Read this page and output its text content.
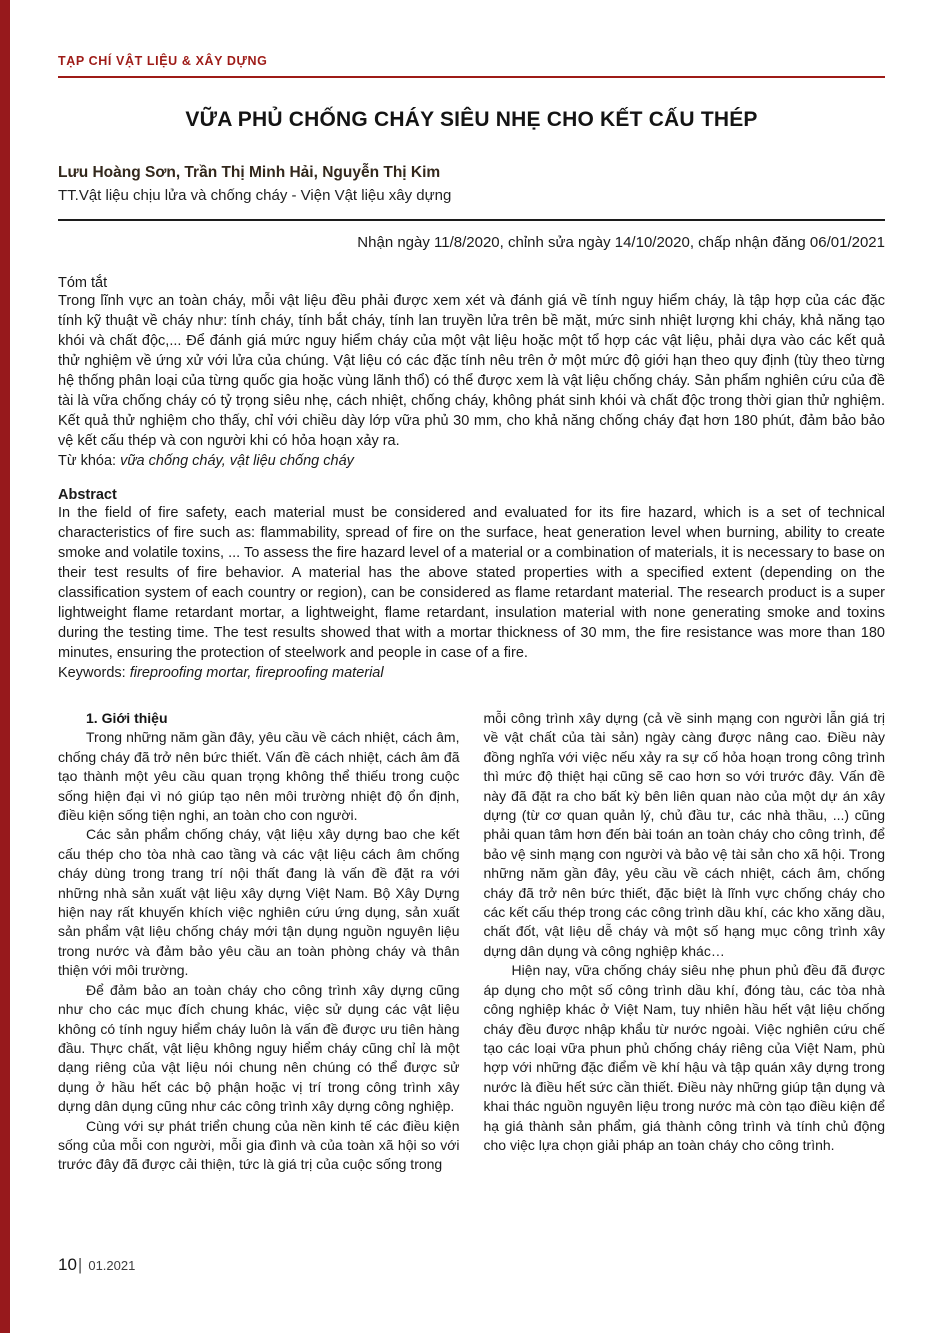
TẠP CHÍ VẬT LIỆU & XÂY DỰNG
VỮA PHỦ CHỐNG CHÁY SIÊU NHẸ CHO KẾT CẤU THÉP
Lưu Hoàng Sơn, Trần Thị Minh Hải, Nguyễn Thị Kim
TT.Vật liệu chịu lửa và chống cháy - Viện Vật liệu xây dựng
Nhận ngày 11/8/2020, chỉnh sửa ngày 14/10/2020, chấp nhận đăng 06/01/2021
Tóm tắt

Trong lĩnh vực an toàn cháy, mỗi vật liệu đều phải được xem xét và đánh giá về tính nguy hiểm cháy, là tập hợp của các đặc tính kỹ thuật về cháy như: tính cháy, tính bắt cháy, tính lan truyền lửa trên bề mặt, mức sinh nhiệt lượng khi cháy, khả năng tạo khói và chất độc,... Để đánh giá mức nguy hiểm cháy của một vật liệu hoặc một tổ hợp các vật liệu, phải dựa vào các kết quả thử nghiệm về ứng xử với lửa của chúng. Vật liệu có các đặc tính nêu trên ở một mức độ giới hạn theo quy định (tùy theo từng hệ thống phân loại của từng quốc gia hoặc vùng lãnh thổ) có thể được xem là vật liệu chống cháy. Sản phẩm nghiên cứu của đề tài là vữa chống cháy có tỷ trọng siêu nhẹ, cách nhiệt, chống cháy, không phát sinh khói và chất độc trong thời gian thử nghiệm. Kết quả thử nghiệm cho thấy, chỉ với chiều dày lớp vữa phủ 30 mm, cho khả năng chống cháy đạt hơn 180 phút, đảm bảo bảo vệ kết cấu thép và con người khi có hỏa hoạn xảy ra.

Từ khóa: vữa chống cháy, vật liệu chống cháy
Abstract

In the field of fire safety, each material must be considered and evaluated for its fire hazard, which is a set of technical characteristics of fire such as: flammability, spread of fire on the surface, heat generation level when burning, ability to create smoke and volatile toxins, ... To assess the fire hazard level of a material or a combination of materials, it is necessary to base on their test results of fire behavior. A material has the above stated properties with a specified extent (depending on the classification system of each country or region), can be considered as flame retardant material. The research product is a super lightweight flame retardant mortar, a lightweight, flame retardant, insulation material with none generating smoke and toxins during the testing time. The test results showed that with a mortar thickness of 30 mm, the fire resistance was more than 180 minutes, ensuring the protection of steelwork and people in case of a fire.

Keywords: fireproofing mortar, fireproofing material
1. Giới thiệu

Trong những năm gần đây, yêu cầu về cách nhiệt, cách âm, chống cháy đã trở nên bức thiết. Vấn đề cách nhiệt, cách âm đã tạo thành một yêu cầu quan trọng không thể thiếu trong cuộc sống hiện đại vì nó giúp tạo nên môi trường nhiệt độ ổn định, điều kiện sống tiện nghi, an toàn cho con người.

Các sản phẩm chống cháy, vật liệu xây dựng bao che kết cấu thép cho tòa nhà cao tầng và các vật liệu cách âm chống cháy dùng trong trang trí nội thất đang là vấn đề đặt ra với những nhà sản xuất vật liệu xây dựng Việt Nam. Bộ Xây Dựng hiện nay rất khuyến khích việc nghiên cứu ứng dụng, sản xuất sản phẩm vật liệu chống cháy mới tận dụng nguồn nguyên liệu trong nước và đảm bảo yêu cầu an toàn phòng cháy và thân thiện với môi trường.

Để đảm bảo an toàn cháy cho công trình xây dựng cũng như cho các mục đích chung khác, việc sử dụng các vật liệu không có tính nguy hiểm cháy luôn là vấn đề được ưu tiên hàng đầu. Thực chất, vật liệu không nguy hiểm cháy cũng chỉ là một dạng riêng của vật liệu nói chung nên chúng có thể được sử dụng ở hầu hết các bộ phận hoặc vị trí trong công trình xây dựng dân dụng cũng như các công trình xây dựng công nghiệp.

Cùng với sự phát triển chung của nền kinh tế các điều kiện sống của mỗi con người, mỗi gia đình và của toàn xã hội so với trước đây đã được cải thiện, tức là giá trị của cuộc sống trong

mỗi công trình xây dựng (cả về sinh mạng con người lẫn giá trị về vật chất của tài sản) ngày càng được nâng cao. Điều này đồng nghĩa với việc nếu xảy ra sự cố hỏa hoạn trong công trình thì mức độ thiệt hại cũng sẽ cao hơn so với trước đây. Vấn đề này đã đặt ra cho bất kỳ bên liên quan nào của một dự án xây dựng (từ cơ quan quản lý, chủ đầu tư, các nhà thầu, ...) cũng phải quan tâm hơn đến bài toán an toàn cháy cho công trình, để bảo vệ sinh mạng con người và bảo vệ tài sản cho xã hội. Trong những năm gần đây, yêu cầu về cách nhiệt, cách âm, chống cháy đã trở nên bức thiết, đặc biệt là lĩnh vực chống cháy cho các kết cấu thép trong các công trình dầu khí, các kho xăng dầu, chất đốt, vật liệu dễ cháy và một số hạng mục công trình xây dựng dân dụng và công nghiệp khác…

Hiện nay, vữa chống cháy siêu nhẹ phun phủ đều đã được áp dụng cho một số công trình dầu khí, đóng tàu, các tòa nhà công nghiệp khác ở Việt Nam, tuy nhiên hầu hết vật liệu chống cháy đều được nhập khẩu từ nước ngoài. Việc nghiên cứu chế tạo các loại vữa phun phủ chống cháy riêng của Việt Nam, phù hợp với những đặc điểm về khí hậu và tập quán xây dựng trong nước là điều hết sức cần thiết. Điều này những giúp tận dụng và khai thác nguồn nguyên liệu trong nước mà còn tạo điều kiện để hạ giá thành sản phẩm, giá thành công trình và tính chủ động cho việc lựa chọn giải pháp an toàn cháy cho công trình.

10 | 01.2021
